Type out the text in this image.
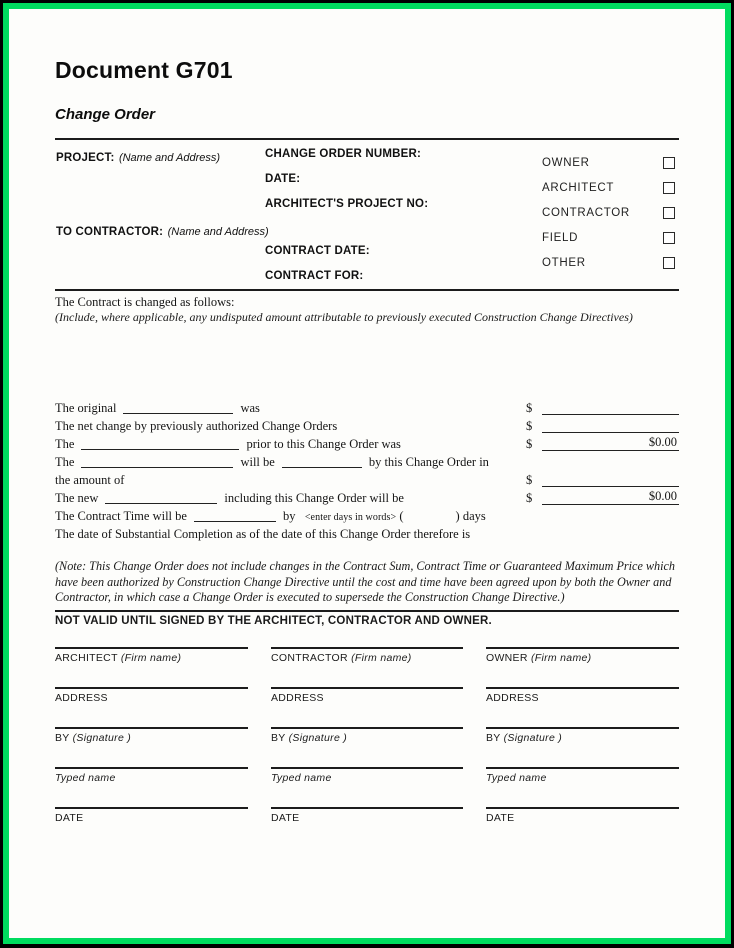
Document G701
Change Order
PROJECT: (Name and Address)
TO CONTRACTOR: (Name and Address)
CHANGE ORDER NUMBER:
DATE:
ARCHITECT'S PROJECT NO:
CONTRACT DATE:
CONTRACT FOR:
OWNER
ARCHITECT
CONTRACTOR
FIELD
OTHER
The Contract is changed as follows:
(Include, where applicable, any undisputed amount attributable to previously executed Construction Change Directives)
The original	was	$
The net change by previously authorized Change Orders	$
The	prior to this Change Order was	$	$0.00
The	will be	by this Change Order in
the amount of	$
The new	including this Change Order will be	$	$0.00
The Contract Time will be	by <enter days in words> (	) days
The date of Substantial Completion as of the date of this Change Order therefore is
(Note: This Change Order does not include changes in the Contract Sum, Contract Time or Guaranteed Maximum Price which have been authorized by Construction Change Directive until the cost and time have been agreed upon by both the Owner and Contractor, in which case a Change Order is executed to supersede the Construction Change Directive.)
NOT VALID UNTIL SIGNED BY THE ARCHITECT, CONTRACTOR AND OWNER.
ARCHITECT (Firm name)	CONTRACTOR (Firm name)	OWNER (Firm name)
ADDRESS	ADDRESS	ADDRESS
BY (Signature )	BY (Signature )	BY (Signature )
Typed name	Typed name	Typed name
DATE	DATE	DATE
